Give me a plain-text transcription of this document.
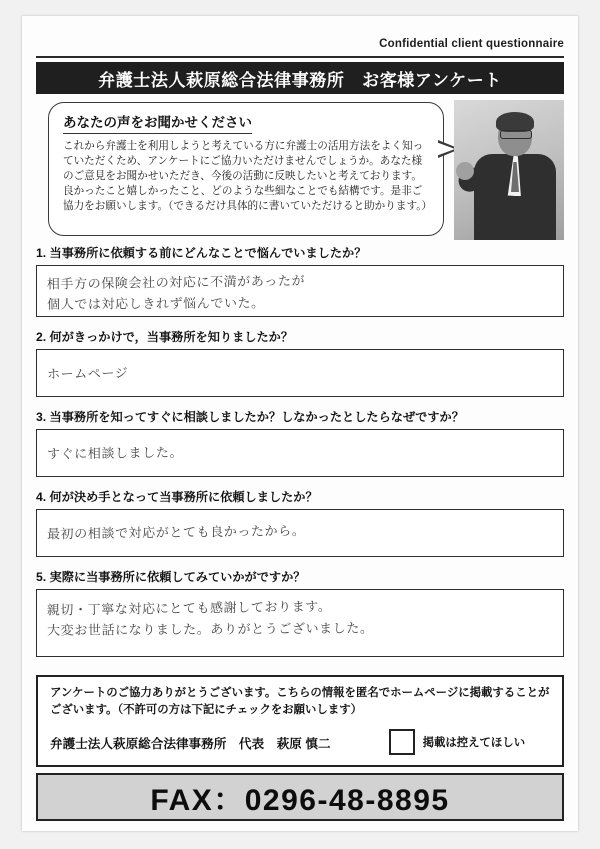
Confidential client questionnaire
弁護士法人萩原総合法律事務所　お客様アンケート
あなたの声をお聞かせください

これから弁護士を利用しようと考えている方に弁護士の活用方法をよく知っていただくため、アンケートにご協力いただけませんでしょうか。あなた様のご意見をお聞かせいただき、今後の活動に反映したいと考えております。良かったこと嬉しかったこと、どのような些細なことでも結構です。是非ご協力をお願いします。（できるだけ具体的に書いていただけると助かります。）

1. 当事務所に依頼する前にどんなことで悩んでいましたか？

相手方の保険会社の対応に不満があったが
個人では対応しきれず悩んでいた。

2. 何がきっかけで，当事務所を知りましたか？

ホームページ

3. 当事務所を知ってすぐに相談しましたか？しなかったとしたらなぜですか？

すぐに相談しました。

4. 何が決め手となって当事務所に依頼しましたか？

最初の相談で対応がとても良かったから。

5. 実際に当事務所に依頼してみていかがですか？

親切・丁寧な対応にとても感謝しております。
大変お世話になりました。ありがとうございました。

アンケートのご協力ありがとうございます。こちらの情報を匿名でホームページに掲載することがございます。（不許可の方は下記にチェックをお願いします）

弁護士法人萩原総合法律事務所　代表　萩原 慎二	掲載は控えてほしい
FAX：0296-48-8895
